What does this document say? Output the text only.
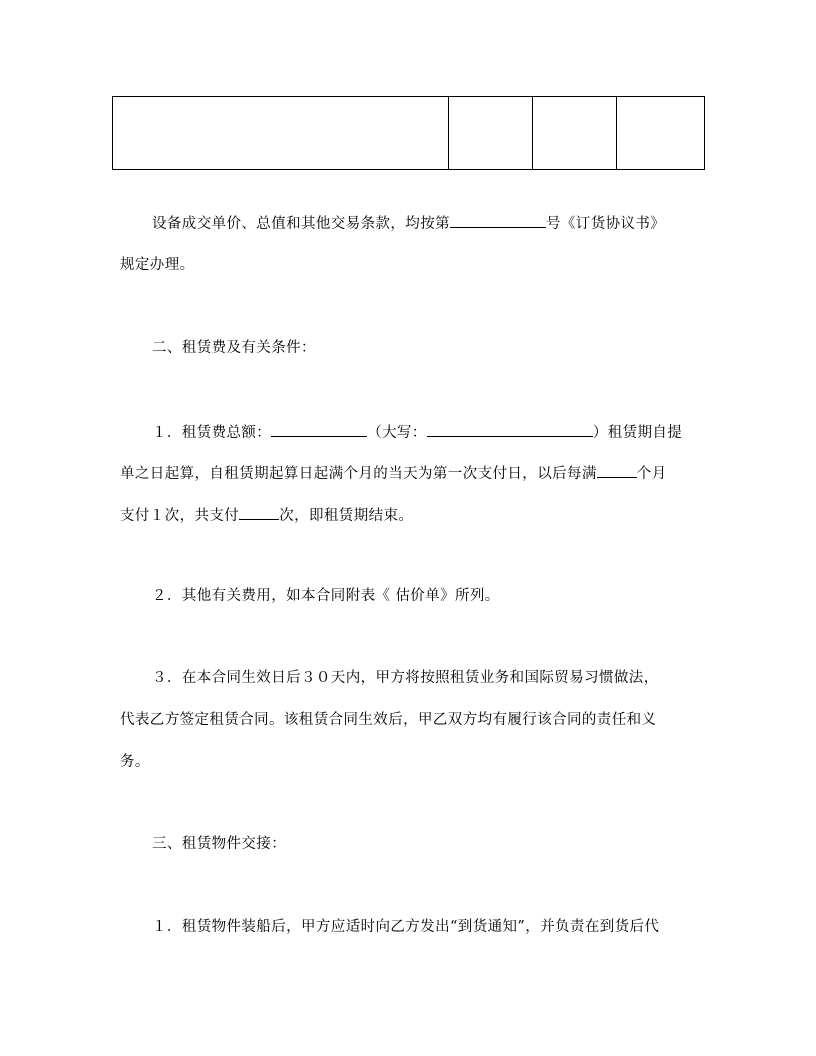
设备成交单价、总值和其他交易条款，均按第	号《订货协议书》
规定办理。
二、租赁费及有关条件：
１．租赁费总额：	（大写：	）租赁期自提
单之日起算，自租赁期起算日起满个月的当天为第一次支付日，以后每满	个月
支付１次，共支付	次，即租赁期结束。
２．其他有关费用，如本合同附表《 估价单》所列。
３．在本合同生效日后３０天内，甲方将按照租赁业务和国际贸易习惯做法，
代表乙方签定租赁合同。该租赁合同生效后，甲乙双方均有履行该合同的责任和义
务。
三、租赁物件交接：
１．租赁物件装船后，甲方应适时向乙方发出“到货通知”，并负责在到货后代
